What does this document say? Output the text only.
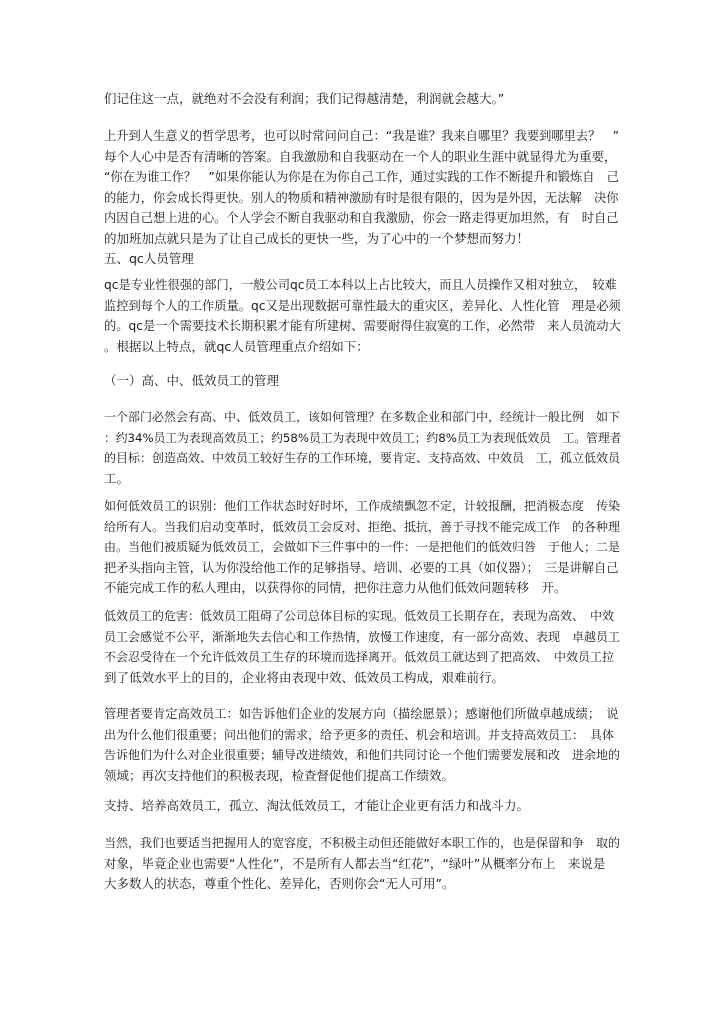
们记住这一点，就绝对不会没有利润；我们记得越清楚，利润就会越大。”
上升到人生意义的哲学思考，也可以时常问问自己：“我是谁？我来自哪里？我要到哪里去？　”
每个人心中是否有清晰的答案。自我激励和自我驱动在一个人的职业生涯中就显得尤为重要，
“你在为谁工作？　”如果你能认为你是在为你自己工作，通过实践的工作不断提升和锻炼自　己
的能力，你会成长得更快。别人的物质和精神激励有时是很有限的，因为是外因，无法解　决你
内因自己想上进的心。个人学会不断自我驱动和自我激励，你会一路走得更加坦然，有　时自己
的加班加点就只是为了让自己成长的更快一些，为了心中的一个梦想而努力！
五、qc人员管理
qc是专业性很强的部门，一般公司qc员工本科以上占比较大，而且人员操作又相对独立，　较难
监控到每个人的工作质量。qc又是出现数据可靠性最大的重灾区，差异化、人性化管　理是必须
的。qc是一个需要技术长期积累才能有所建树、需要耐得住寂寞的工作，必然带　来人员流动大
。根据以上特点，就qc人员管理重点介绍如下：
（一）高、中、低效员工的管理
一个部门必然会有高、中、低效员工，该如何管理？在多数企业和部门中，经统计一般比例　如下
：约34%员工为表现高效员工；约58%员工为表现中效员工；约8%员工为表现低效员　工。管理者
的目标：创造高效、中效员工较好生存的工作环境，要肯定、支持高效、中效员　工，孤立低效员
工。
如何低效员工的识别：他们工作状态时好时坏，工作成绩飘忽不定，计较报酬，把消极态度　传染
给所有人。当我们启动变革时，低效员工会反对、拒绝、抵抗，善于寻找不能完成工作　的各种理
由。当他们被质疑为低效员工，会做如下三件事中的一件：一是把他们的低效归咎　于他人；二是
把矛头指向主管，认为你没给他工作的足够指导、培训、必要的工具（如仪器）；　三是讲解自己
不能完成工作的私人理由，以获得你的同情，把你注意力从他们低效问题转移　开。
低效员工的危害：低效员工阻碍了公司总体目标的实现。低效员工长期存在，表现为高效、　中效
员工会感觉不公平，渐渐地失去信心和工作热情，放慢工作速度，有一部分高效、表现　卓越员工
不会忍受待在一个允许低效员工生存的环境而选择离开。低效员工就达到了把高效、　中效员工拉
到了低效水平上的目的，企业将由表现中效、低效员工构成，艰难前行。
管理者要肯定高效员工：如告诉他们企业的发展方向（描绘愿景）；感谢他们所做卓越成绩；　说
出为什么他们很重要；问出他们的需求，给予更多的责任、机会和培训。并支持高效员工：　具体
告诉他们为什么对企业很重要；辅导改进绩效，和他们共同讨论一个他们需要发展和改　进余地的
领域；再次支持他们的积极表现，检查督促他们提高工作绩效。
支持、培养高效员工，孤立、淘汰低效员工，才能让企业更有活力和战斗力。
当然，我们也要适当把握用人的宽容度，不积极主动但还能做好本职工作的，也是保留和争　取的
对象，毕竟企业也需要“人性化”，不是所有人都去当“红花”，“绿叶”从概率分布上　来说是
大多数人的状态，尊重个性化、差异化，否则你会“无人可用”。
